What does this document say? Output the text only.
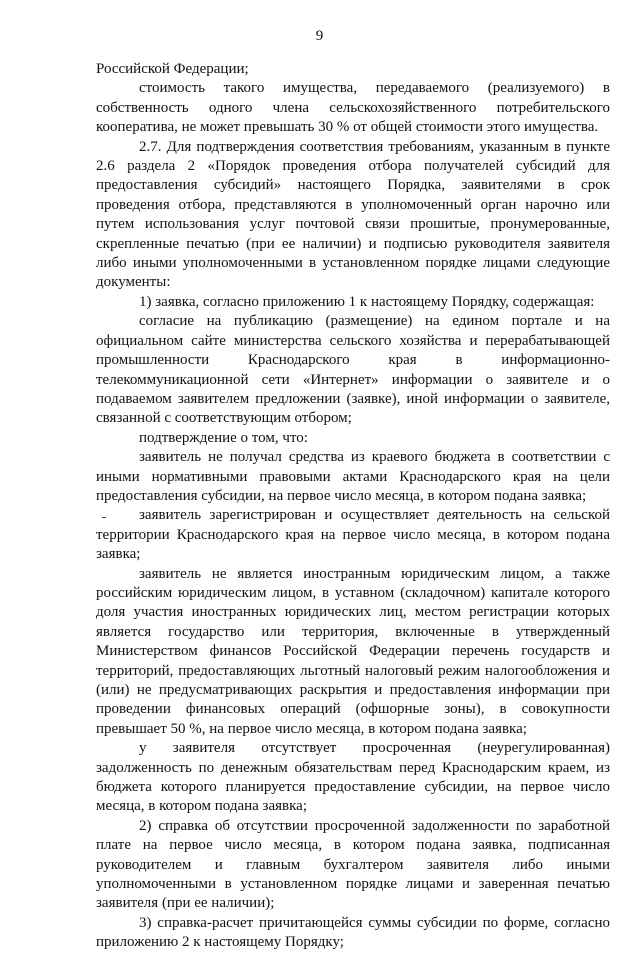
9

Российской Федерации;

стоимость такого имущества, передаваемого (реализуемого) в собственность одного члена сельскохозяйственного потребительского кооператива, не может превышать 30 % от общей стоимости этого имущества.

2.7. Для подтверждения соответствия требованиям, указанным в пункте 2.6 раздела 2 «Порядок проведения отбора получателей субсидий для предоставления субсидий» настоящего Порядка, заявителями в срок проведения отбора, представляются в уполномоченный орган нарочно или путем использования услуг почтовой связи прошитые, пронумерованные, скрепленные печатью (при ее наличии) и подписью руководителя заявителя либо иными уполномоченными в установленном порядке лицами следующие документы:

1) заявка, согласно приложению 1 к настоящему Порядку, содержащая:

согласие на публикацию (размещение) на едином портале и на официальном сайте министерства сельского хозяйства и перерабатывающей промышленности Краснодарского края в информационно-телекоммуникационной сети «Интернет» информации о заявителе и о подаваемом заявителем предложении (заявке), иной информации о заявителе, связанной с соответствующим отбором;

подтверждение о том, что:

заявитель не получал средства из краевого бюджета в соответствии с иными нормативными правовыми актами Краснодарского края на цели предоставления субсидии, на первое число месяца, в котором подана заявка;

заявитель зарегистрирован и осуществляет деятельность на сельской территории Краснодарского края на первое число месяца, в котором подана заявка;

заявитель не является иностранным юридическим лицом, а также российским юридическим лицом, в уставном (складочном) капитале которого доля участия иностранных юридических лиц, местом регистрации которых является государство или территория, включенные в утвержденный Министерством финансов Российской Федерации перечень государств и территорий, предоставляющих льготный налоговый режим налогообложения и (или) не предусматривающих раскрытия и предоставления информации при проведении финансовых операций (офшорные зоны), в совокупности превышает 50 %, на первое число месяца, в котором подана заявка;

у заявителя отсутствует просроченная (неурегулированная) задолженность по денежным обязательствам перед Краснодарским краем, из бюджета которого планируется предоставление субсидии, на первое число месяца, в котором подана заявка;

2) справка об отсутствии просроченной задолженности по заработной плате на первое число месяца, в котором подана заявка, подписанная руководителем и главным бухгалтером заявителя либо иными уполномоченными в установленном порядке лицами и заверенная печатью заявителя (при ее наличии);

3) справка-расчет причитающейся суммы субсидии по форме, согласно приложению 2 к настоящему Порядку;
